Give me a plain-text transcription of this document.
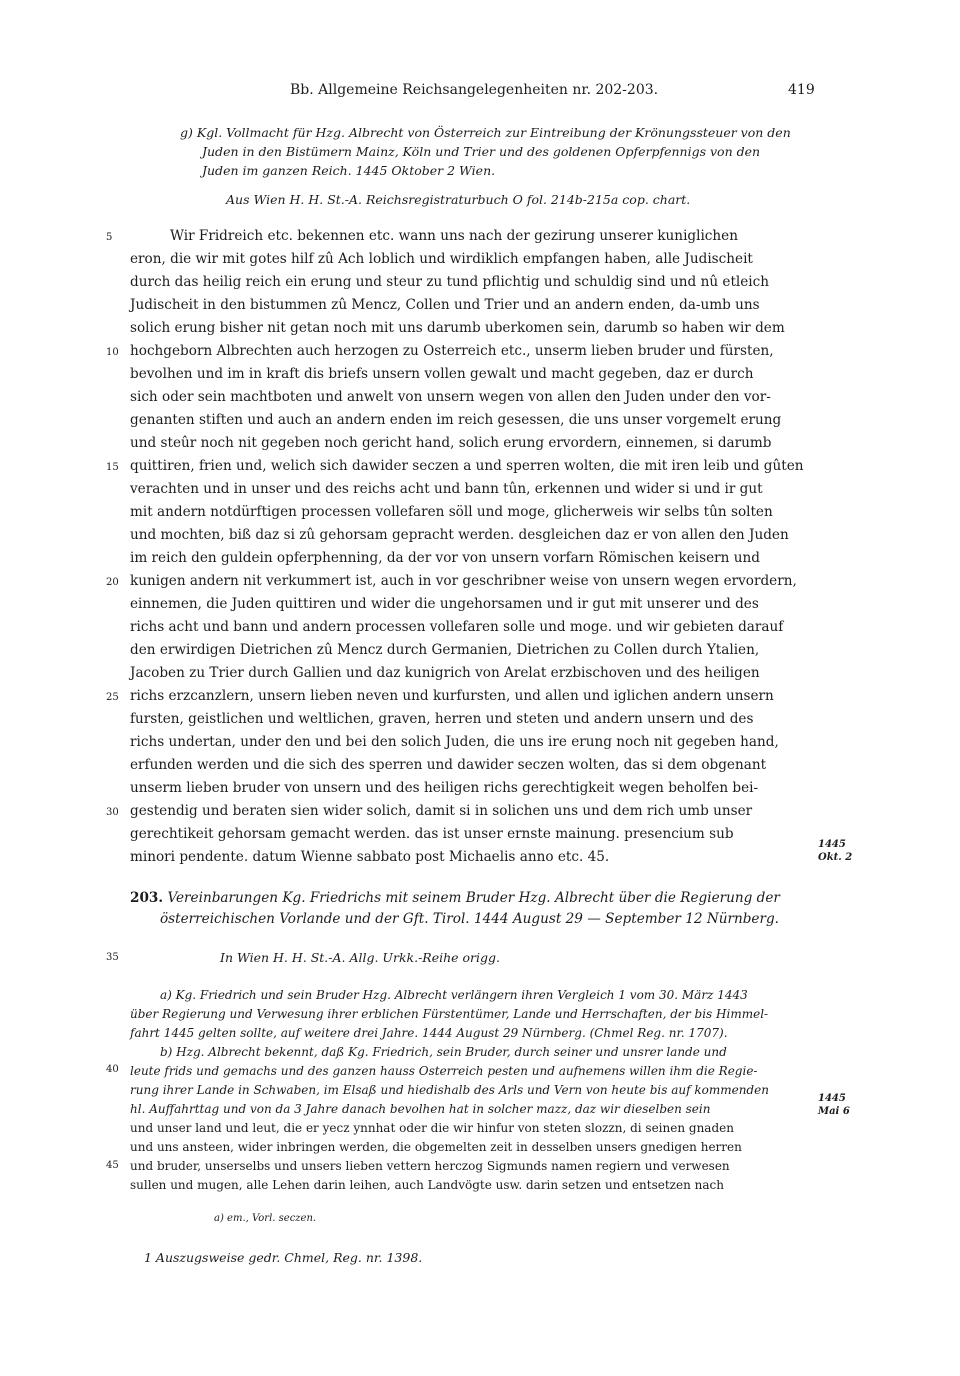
Bb. Allgemeine Reichsangelegenheiten nr. 202-203.	419
g) Kgl. Vollmacht für Hzg. Albrecht von Österreich zur Eintreibung der Krönungssteuer von den
Juden in den Bistümern Mainz, Köln und Trier und des goldenen Opferpfennigs von den
Juden im ganzen Reich. 1445 Oktober 2 Wien.
Aus Wien H. H. St.-A. Reichsregistraturbuch O fol. 214b-215a cop. chart.
Wir Fridreich etc. bekennen etc. wann uns nach der gezirung unserer kuniglichen
eron, die wir mit gotes hilf zû Ach loblich und wirdiklich empfangen haben, alle Judischeit
durch das heilig reich ein erung und steur zu tund pflichtig und schuldig sind und nû etleich
Judischeit in den bistummen zû Mencz, Collen und Trier und an andern enden, da-umb uns
solich erung bisher nit getan noch mit uns darumb uberkomen sein, darumb so haben wir dem
hochgeborn Albrechten auch herzogen zu Osterreich etc., unserm lieben bruder und fürsten,
bevolhen und im in kraft dis briefs unsern vollen gewalt und macht gegeben, daz er durch
sich oder sein machtboten und anwelt von unsern wegen von allen den Juden under den vor-
genanten stiften und auch an andern enden im reich gesessen, die uns unser vorgemelt erung
und steûr noch nit gegeben noch gericht hand, solich erung ervordern, einnemen, si darumb
quittiren, frien und, welich sich dawider seczen a und sperren wolten, die mit iren leib und gûten
verachten und in unser und des reichs acht und bann tûn, erkennen und wider si und ir gut
mit andern notdürftigen processen vollefaren söll und moge, glicherweis wir selbs tûn solten
und mochten, biß daz si zû gehorsam gepracht werden. desgleichen daz er von allen den Juden
im reich den guldein opferphenning, da der vor von unsern vorfarn Römischen keisern und
kunigen andern nit verkummert ist, auch in vor geschribner weise von unsern wegen ervordern,
einnemen, die Juden quittiren und wider die ungehorsamen und ir gut mit unserer und des
richs acht und bann und andern processen vollefaren solle und moge. und wir gebieten darauf
den erwirdigen Dietrichen zû Mencz durch Germanien, Dietrichen zu Collen durch Ytalien,
Jacoben zu Trier durch Gallien und daz kunigrich von Arelat erzbischoven und des heiligen
richs erzcanzlern, unsern lieben neven und kurfursten, und allen und iglichen andern unsern
fursten, geistlichen und weltlichen, graven, herren und steten und andern unsern und des
richs undertan, under den und bei den solich Juden, die uns ire erung noch nit gegeben hand,
erfunden werden und die sich des sperren und dawider seczen wolten, das si dem obgenant
unserm lieben bruder von unsern und des heiligen richs gerechtigkeit wegen beholfen bei-
gestendig und beraten sien wider solich, damit si in solichen uns und dem rich umb unser
gerechtikeit gehorsam gemacht werden. das ist unser ernste mainung. presencium sub
minori pendente. datum Wienne sabbato post Michaelis anno etc. 45.
5
10
15
20
25
30
1445
Okt. 2
203. Vereinbarungen Kg. Friedrichs mit seinem Bruder Hzg. Albrecht über die Regierung der
österreichischen Vorlande und der Gft. Tirol. 1444 August 29 — September 12 Nürnberg.
35	In Wien H. H. St.-A. Allg. Urkk.-Reihe origg.
a) Kg. Friedrich und sein Bruder Hzg. Albrecht verlängern ihren Vergleich 1 vom 30. März 1443
über Regierung und Verwesung ihrer erblichen Fürstentümer, Lande und Herrschaften, der bis Himmel-
fahrt 1445 gelten sollte, auf weitere drei Jahre. 1444 August 29 Nürnberg. (Chmel Reg. nr. 1707).
b) Hzg. Albrecht bekennt, daß Kg. Friedrich, sein Bruder, durch seiner und unsrer lande und
leute frids und gemachs und des ganzen hauss Osterreich pesten und aufnemens willen ihm die Regie-
rung ihrer Lande in Schwaben, im Elsaß und hiedishalb des Arls und Vern von heute bis auf kommenden
hl. Auffahrttag und von da 3 Jahre danach bevolhen hat in solcher mazz, daz wir dieselben sein
und unser land und leut, die er yecz ynnhat oder die wir hinfur von steten slozzn, di seinen gnaden
und uns ansteen, wider inbringen werden, die obgemelten zeit in desselben unsers gnedigen herren
und bruder, unserselbs und unsers lieben vettern herczog Sigmunds namen regiern und verwesen
sullen und mugen, alle Lehen darin leihen, auch Landvögte usw. darin setzen und entsetzen nach
40
45
1445
Mai 6
a) em., Vorl. seczen.
1 Auszugsweise gedr. Chmel, Reg. nr. 1398.
